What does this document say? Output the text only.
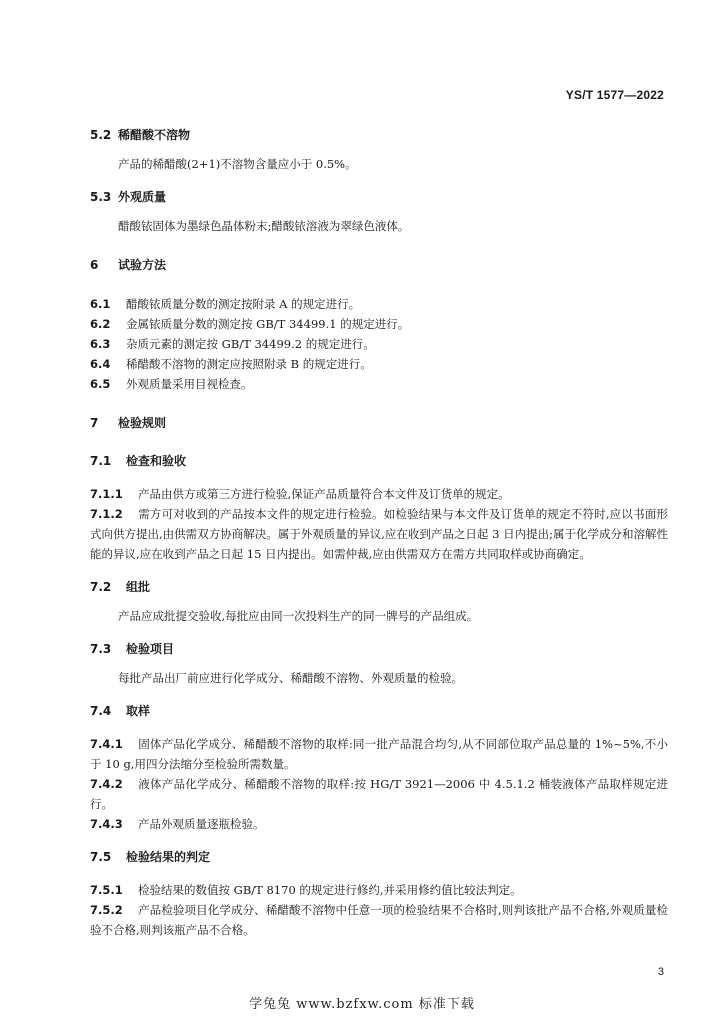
YS/T 1577—2022
5.2 稀醋酸不溶物
产品的稀醋酸(2+1)不溶物含量应小于 0.5%。
5.3 外观质量
醋酸铱固体为墨绿色晶体粉末;醋酸铱溶液为翠绿色液体。
6 试验方法
6.1 醋酸铱质量分数的测定按附录 A 的规定进行。
6.2 金属铱质量分数的测定按 GB/T 34499.1 的规定进行。
6.3 杂质元素的测定按 GB/T 34499.2 的规定进行。
6.4 稀醋酸不溶物的测定应按照附录 B 的规定进行。
6.5 外观质量采用目视检查。
7 检验规则
7.1 检查和验收
7.1.1 产品由供方或第三方进行检验,保证产品质量符合本文件及订货单的规定。
7.1.2 需方可对收到的产品按本文件的规定进行检验。如检验结果与本文件及订货单的规定不符时,应以书面形式向供方提出,由供需双方协商解决。属于外观质量的异议,应在收到产品之日起 3 日内提出;属于化学成分和溶解性能的异议,应在收到产品之日起 15 日内提出。如需仲裁,应由供需双方在需方共同取样或协商确定。
7.2 组批
产品应成批提交验收,每批应由同一次投料生产的同一牌号的产品组成。
7.3 检验项目
每批产品出厂前应进行化学成分、稀醋酸不溶物、外观质量的检验。
7.4 取样
7.4.1 固体产品化学成分、稀醋酸不溶物的取样:同一批产品混合均匀,从不同部位取产品总量的 1%~5%,不小于 10 g,用四分法缩分至检验所需数量。
7.4.2 液体产品化学成分、稀醋酸不溶物的取样:按 HG/T 3921—2006 中 4.5.1.2 桶装液体产品取样规定进行。
7.4.3 产品外观质量逐瓶检验。
7.5 检验结果的判定
7.5.1 检验结果的数值按 GB/T 8170 的规定进行修约,并采用修约值比较法判定。
7.5.2 产品检验项目化学成分、稀醋酸不溶物中任意一项的检验结果不合格时,则判该批产品不合格,外观质量检验不合格,则判该瓶产品不合格。
3
学兔兔 www.bzfxw.com 标准下载
